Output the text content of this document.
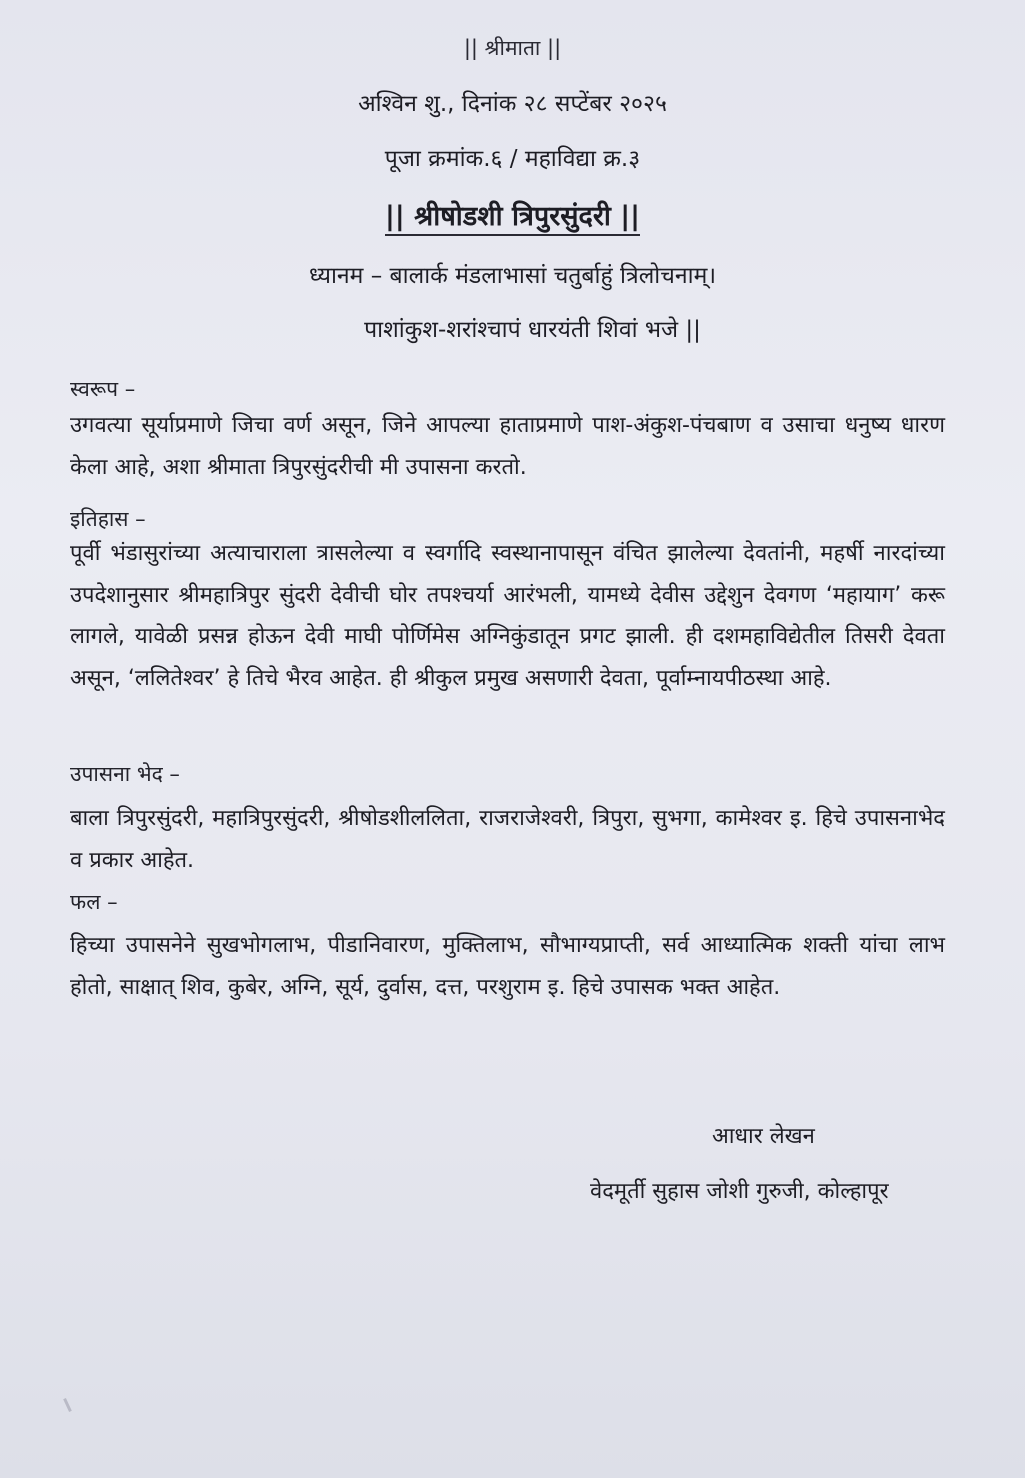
|| श्रीमाता ||
अश्विन शु., दिनांक २८ सप्टेंबर २०२५
पूजा क्रमांक.६ / महाविद्या क्र.३
|| श्रीषोडशी त्रिपुरसुंदरी ||
ध्यानम – बालार्क मंडलाभासां चतुर्बाहुं त्रिलोचनाम्।
पाशांकुश-शरांश्चापं धारयंती शिवां भजे ||
स्वरूप –
उगवत्या सूर्याप्रमाणे जिचा वर्ण असून, जिने आपल्या हाताप्रमाणे पाश-अंकुश-पंचबाण व उसाचा धनुष्य धारण केला आहे, अशा श्रीमाता त्रिपुरसुंदरीची मी उपासना करतो.
इतिहास –
पूर्वी भंडासुरांच्या अत्याचाराला त्रासलेल्या व स्वर्गादि स्वस्थानापासून वंचित झालेल्या देवतांनी, महर्षी नारदांच्या उपदेशानुसार श्रीमहात्रिपुर सुंदरी देवीची घोर तपश्चर्या आरंभली, यामध्ये देवीस उद्देशुन देवगण ‘महायाग’ करू लागले, यावेळी प्रसन्न होऊन देवी माघी पोर्णिमेस अग्निकुंडातून प्रगट झाली. ही दशमहाविद्येतील तिसरी देवता असून, ‘ललितेश्वर’ हे तिचे भैरव आहेत. ही श्रीकुल प्रमुख असणारी देवता, पूर्वाम्नायपीठस्था आहे.
उपासना भेद –
बाला त्रिपुरसुंदरी, महात्रिपुरसुंदरी, श्रीषोडशीललिता, राजराजेश्वरी, त्रिपुरा, सुभगा, कामेश्वर इ. हिचे उपासनाभेद व प्रकार आहेत.
फल –
हिच्या उपासनेने सुखभोगलाभ, पीडानिवारण, मुक्तिलाभ, सौभाग्यप्राप्ती, सर्व आध्यात्मिक शक्ती यांचा लाभ होतो, साक्षात् शिव, कुबेर, अग्नि, सूर्य, दुर्वास, दत्त, परशुराम इ. हिचे उपासक भक्त आहेत.
आधार लेखन
वेदमूर्ती सुहास जोशी गुरुजी, कोल्हापूर
